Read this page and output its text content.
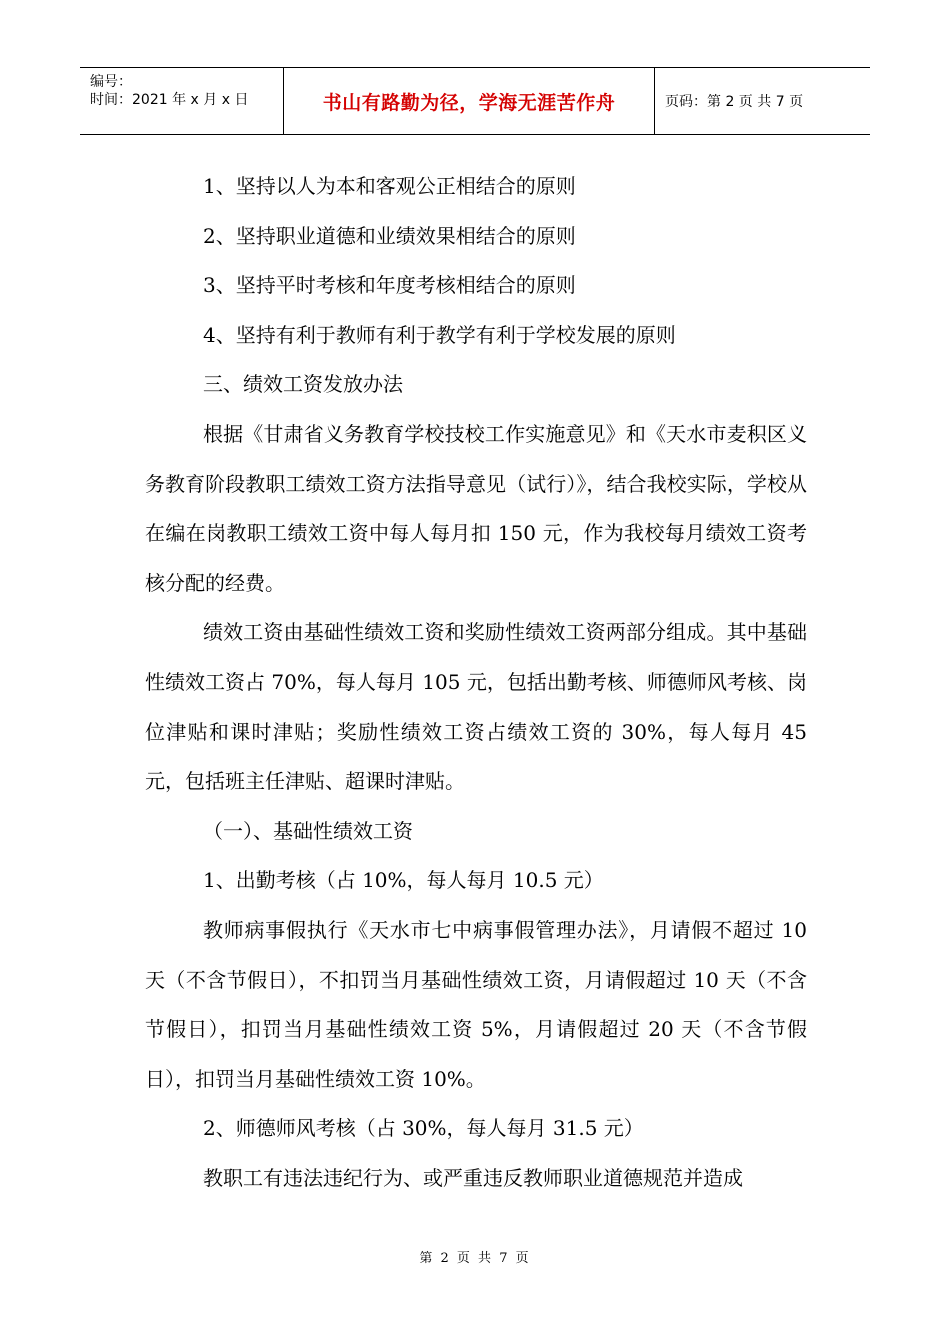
编号：
时间：2021 年 x 月 x 日	书山有路勤为径，学海无涯苦作舟	页码：第 2 页 共 7 页

1、坚持以人为本和客观公正相结合的原则

2、坚持职业道德和业绩效果相结合的原则

3、坚持平时考核和年度考核相结合的原则

4、坚持有利于教师有利于教学有利于学校发展的原则

三、绩效工资发放办法

根据《甘肃省义务教育学校技校工作实施意见》和《天水市麦积区义务教育阶段教职工绩效工资方法指导意见（试行）》，结合我校实际，学校从在编在岗教职工绩效工资中每人每月扣 150 元，作为我校每月绩效工资考核分配的经费。

绩效工资由基础性绩效工资和奖励性绩效工资两部分组成。其中基础性绩效工资占 70%，每人每月 105 元，包括出勤考核、师德师风考核、岗位津贴和课时津贴；奖励性绩效工资占绩效工资的 30%，每人每月 45 元，包括班主任津贴、超课时津贴。

（一）、基础性绩效工资

1、出勤考核（占 10%，每人每月 10.5 元）

教师病事假执行《天水市七中病事假管理办法》，月请假不超过 10 天（不含节假日），不扣罚当月基础性绩效工资，月请假超过 10 天（不含节假日），扣罚当月基础性绩效工资 5%，月请假超过 20 天（不含节假日），扣罚当月基础性绩效工资 10%。

2、师德师风考核（占 30%，每人每月 31.5 元）

教职工有违法违纪行为、或严重违反教师职业道德规范并造成

第 2 页 共 7 页
